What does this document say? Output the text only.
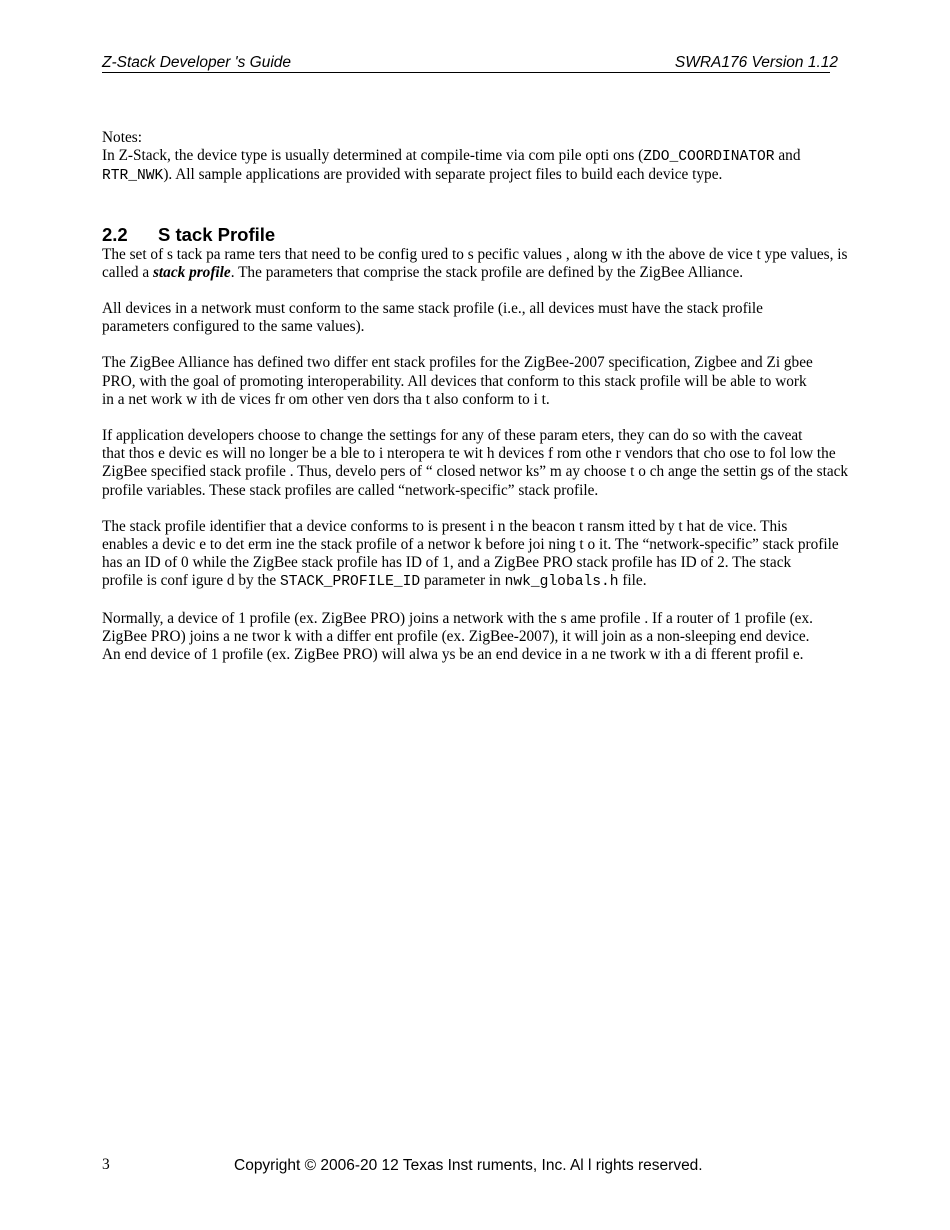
Z-Stack Developer 's Guide	SWRA176 Version 1.12

Notes:

In Z-Stack, the device type is usually determined at compile-time via com pile opti ons (ZDO_COORDINATOR and

RTR_NWK). All sample applications are provided with separate project files to build each device type.

2.2 S tack Profile

The set of s tack pa rame ters that need to be config ured to s pecific values , along w ith the above de vice t ype values, is

called a stack profile. The parameters that comprise the stack profile are defined by the ZigBee Alliance.

All devices in a network must conform to the same stack profile (i.e., all devices must have the stack profile

parameters configured to the same values).

The ZigBee Alliance has defined two differ ent stack profiles for the ZigBee-2007 specification, Zigbee and Zi gbee

PRO, with the goal of promoting interoperability. All devices that conform to this stack profile will be able to work

in a net work w ith de vices fr om other ven dors tha t also conform to i t.

If application developers choose to change the settings for any of these param eters, they can do so with the caveat

that thos e devic es will no longer be a ble to i nteropera te wit h devices f rom othe r vendors that cho ose to fol low the

ZigBee specified stack profile . Thus, develo pers of “ closed networ ks” m ay choose t o ch ange the settin gs of the stack

profile variables. These stack profiles are called “network-specific” stack profile.

The stack profile identifier that a device conforms to is present i n the beacon t ransm itted by t hat de vice. This

enables a devic e to det erm ine the stack profile of a networ k before joi ning t o it. The “network-specific” stack profile

has an ID of 0 while the ZigBee stack profile has ID of 1, and a ZigBee PRO stack profile has ID of 2. The stack

profile is conf igure d by the STACK_PROFILE_ID parameter in nwk_globals.h file.

Normally, a device of 1 profile (ex. ZigBee PRO) joins a network with the s ame profile . If a router of 1 profile (ex.

ZigBee PRO) joins a ne twor k with a differ ent profile (ex. ZigBee-2007), it will join as a non-sleeping end device.

An end device of 1 profile (ex. ZigBee PRO) will alwa ys be an end device in a ne twork w ith a di fferent profil e.

3	Copyright © 2006-20 12 Texas Inst ruments, Inc. Al l rights reserved.
